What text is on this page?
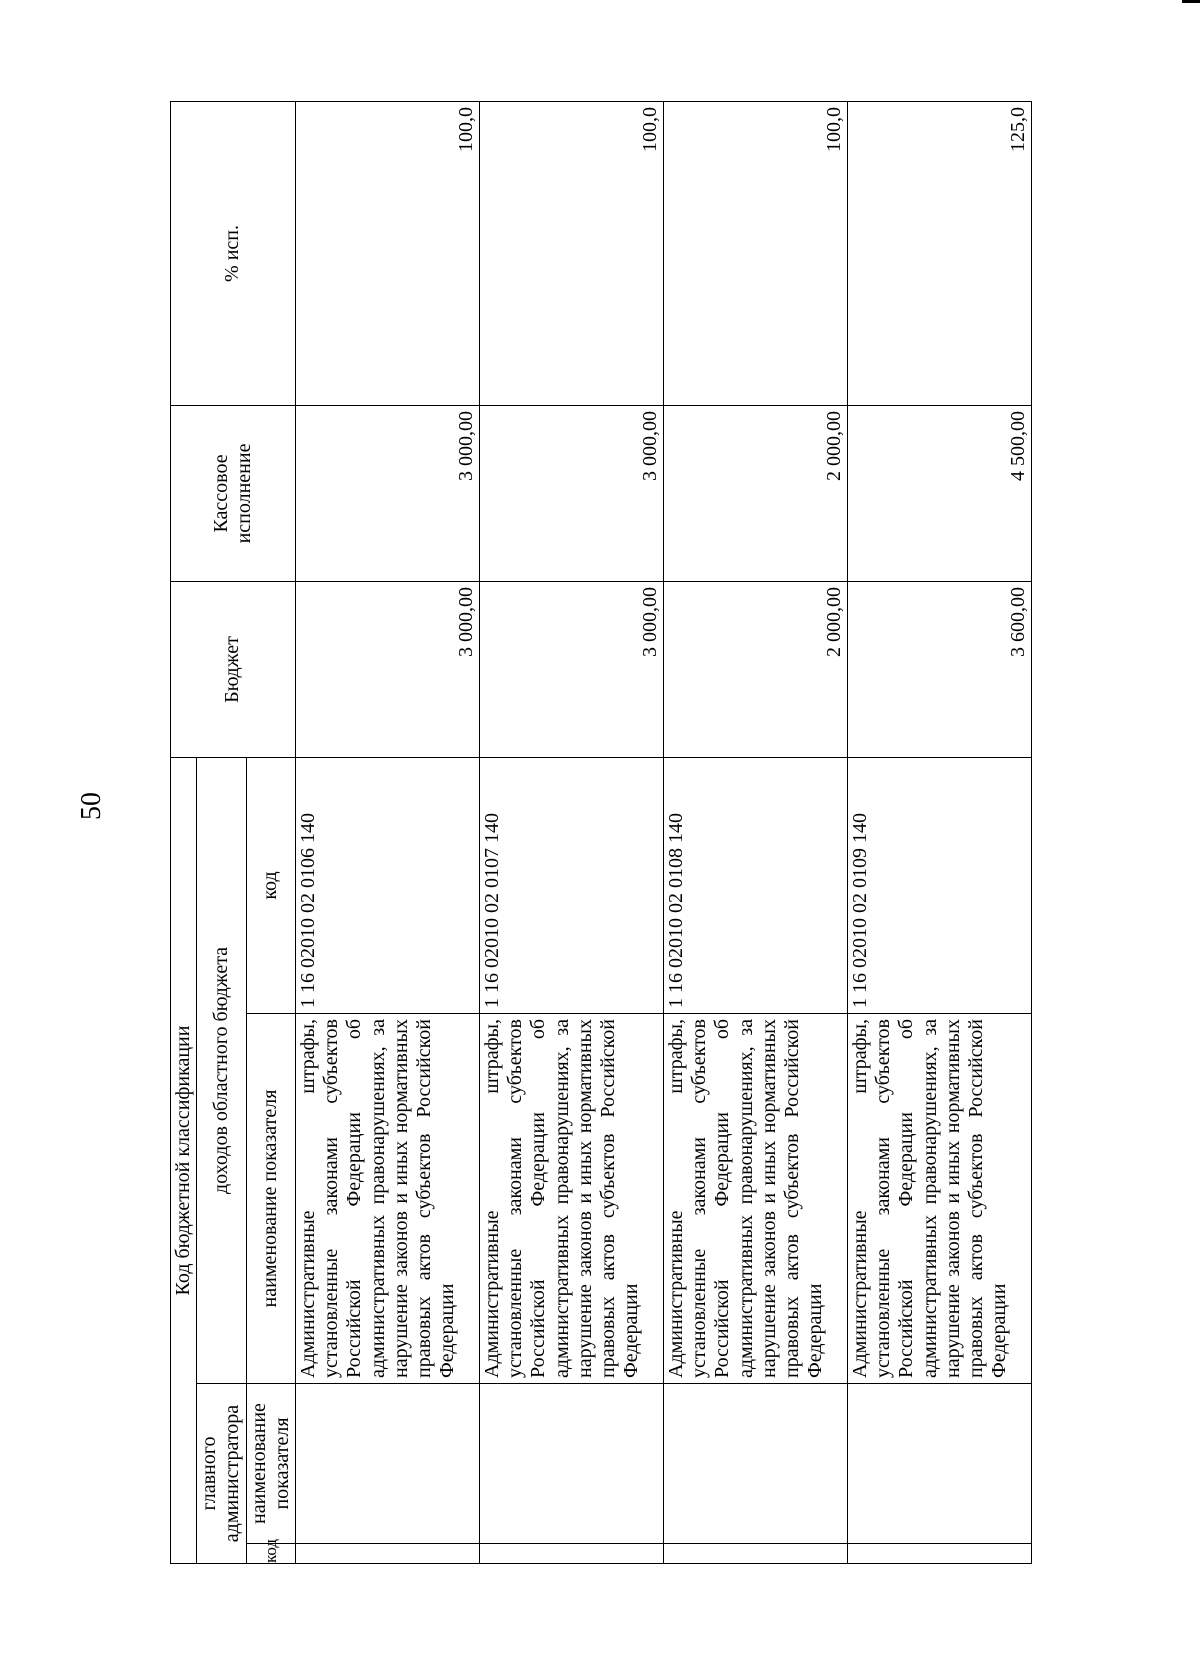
50
Код бюджетной классификации				Бюджет	Кассовое исполнение	% исп.
главного администратора		доходов областного бюджета				
код	наименование показателя	наименование показателя	код			
		Административные штрафы, установленные законами субъектов Российской Федерации об административных правонарушениях, за нарушение законов и иных нормативных правовых актов субъектов Российской Федерации	1 16 02010 02 0106 140	3 000,00	3 000,00	100,0
		Административные штрафы, установленные законами субъектов Российской Федерации об административных правонарушениях, за нарушение законов и иных нормативных правовых актов субъектов Российской Федерации	1 16 02010 02 0107 140	3 000,00	3 000,00	100,0
		Административные штрафы, установленные законами субъектов Российской Федерации об административных правонарушениях, за нарушение законов и иных нормативных правовых актов субъектов Российской Федерации	1 16 02010 02 0108 140	2 000,00	2 000,00	100,0
		Административные штрафы, установленные законами субъектов Российской Федерации об административных правонарушениях, за нарушение законов и иных нормативных правовых актов субъектов Российской Федерации	1 16 02010 02 0109 140	3 600,00	4 500,00	125,0
